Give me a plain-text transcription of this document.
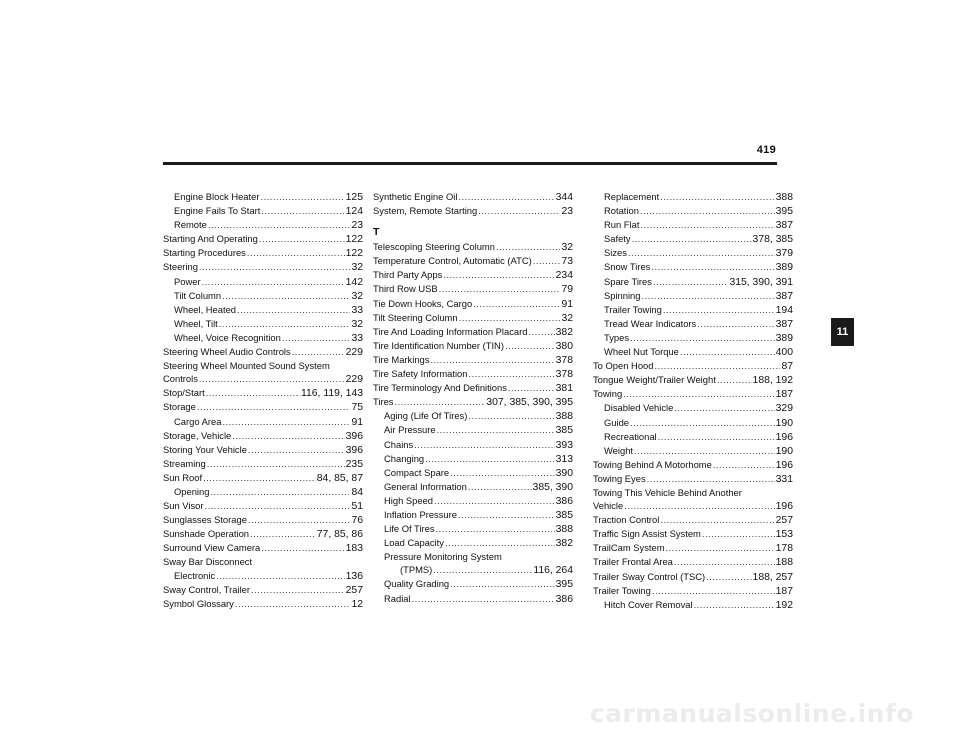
419
Engine Block Heater .....	125
Engine Fails To Start .....	124
Remote .....	23
Starting And Operating .....	122
Starting Procedures .....	122
Steering .....	32
Power .....	142
Tilt Column .....	32
Wheel, Heated .....	33
Wheel, Tilt .....	32
Wheel, Voice Recognition .....	33
Steering Wheel Audio Controls .....	229
Steering Wheel Mounted Sound System
Controls .....	229
Stop/Start .....	116, 119, 143
Storage .....	75
Cargo Area .....	91
Storage, Vehicle .....	396
Storing Your Vehicle .....	396
Streaming .....	235
Sun Roof .....	84, 85, 87
Opening .....	84
Sun Visor .....	51
Sunglasses Storage .....	76
Sunshade Operation .....	77, 85, 86
Surround View Camera .....	183
Sway Bar Disconnect
Electronic .....	136
Sway Control, Trailer .....	257
Symbol Glossary .....	12
Synthetic Engine Oil .....	344
System, Remote Starting .....	23
T
Telescoping Steering Column .....	32
Temperature Control, Automatic (ATC) .....	73
Third Party Apps .....	234
Third Row USB .....	79
Tie Down Hooks, Cargo .....	91
Tilt Steering Column .....	32
Tire And Loading Information Placard .....	382
Tire Identification Number (TIN) .....	380
Tire Markings .....	378
Tire Safety Information .....	378
Tire Terminology And Definitions .....	381
Tires .....	307, 385, 390, 395
Aging (Life Of Tires) .....	388
Air Pressure .....	385
Chains .....	393
Changing .....	313
Compact Spare .....	390
General Information .....	385, 390
High Speed .....	386
Inflation Pressure .....	385
Life Of Tires .....	388
Load Capacity .....	382
Pressure Monitoring System
(TPMS) .....	116, 264
Quality Grading .....	395
Radial .....	386
Replacement .....	388
Rotation .....	395
Run Flat .....	387
Safety .....	378, 385
Sizes .....	379
Snow Tires .....	389
Spare Tires .....	315, 390, 391
Spinning .....	387
Trailer Towing .....	194
Tread Wear Indicators .....	387
Types .....	389
Wheel Nut Torque .....	400
To Open Hood .....	87
Tongue Weight/Trailer Weight .....	188, 192
Towing .....	187
Disabled Vehicle .....	329
Guide .....	190
Recreational .....	196
Weight .....	190
Towing Behind A Motorhome .....	196
Towing Eyes .....	331
Towing This Vehicle Behind Another
Vehicle .....	196
Traction Control .....	257
Traffic Sign Assist System .....	153
TrailCam System .....	178
Trailer Frontal Area .....	188
Trailer Sway Control (TSC) .....	188, 257
Trailer Towing .....	187
Hitch Cover Removal .....	192
11
carmanualsonline.info
